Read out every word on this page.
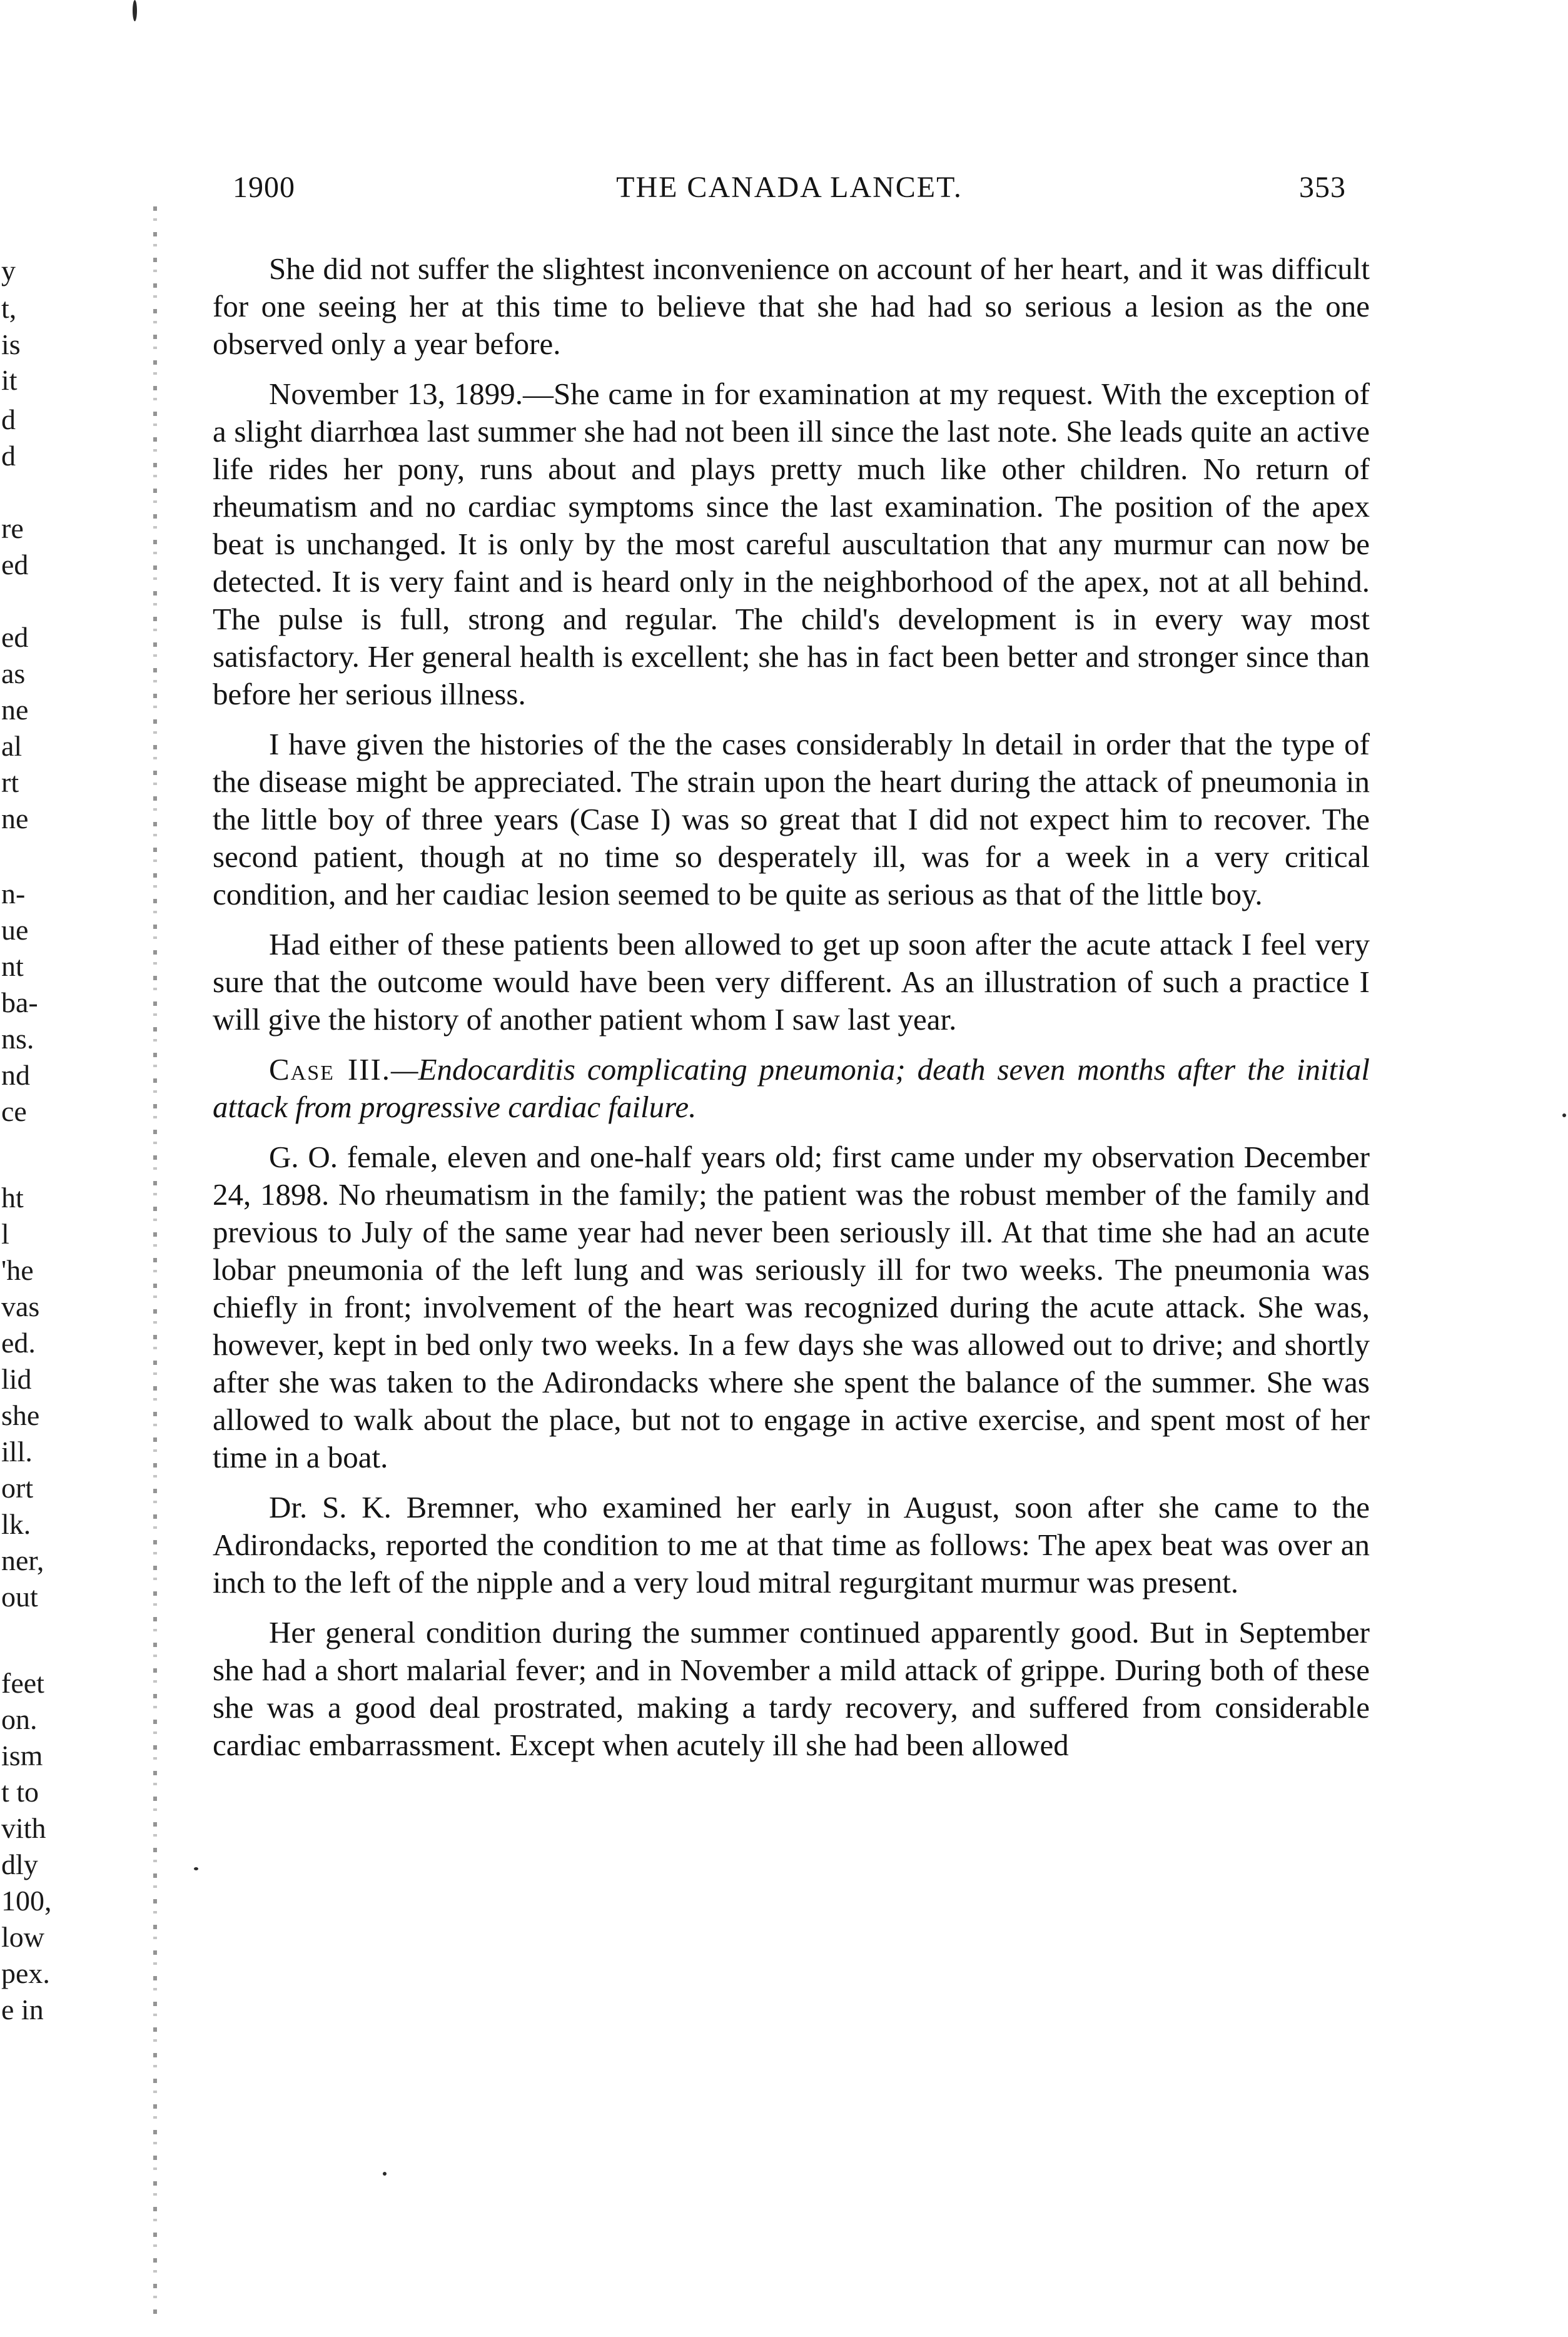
y
t,
is
it
d
d
re
ed
ed
as
ne
al
rt
ne
n-
ue
nt
ba-
ns.
nd
ce
ht
l
'he
vas
ed.
lid
she
ill.
ort
lk.
ner,
out
feet
on.
ism
t to
vith
dly
100,
low
pex.
e in
1900	THE CANADA LANCET.	353

She did not suffer the slightest inconvenience on account of her heart, and it was difficult for one seeing her at this time to believe that she had had so serious a lesion as the one observed only a year before.

November 13, 1899.—She came in for examination at my request. With the exception of a slight diarrhœa last summer she had not been ill since the last note. She leads quite an active life rides her pony, runs about and plays pretty much like other children. No return of rheumatism and no cardiac symptoms since the last examination. The position of the apex beat is unchanged. It is only by the most careful auscultation that any murmur can now be detected. It is very faint and is heard only in the neighborhood of the apex, not at all behind. The pulse is full, strong and regular. The child's development is in every way most satisfactory. Her general health is excellent; she has in fact been better and stronger since than before her serious illness.

I have given the histories of the the cases considerably ln detail in order that the type of the disease might be appreciated. The strain upon the heart during the attack of pneumonia in the little boy of three years (Case I) was so great that I did not expect him to recover. The second patient, though at no time so desperately ill, was for a week in a very critical condition, and her caıdiac lesion seemed to be quite as serious as that of the little boy.

Had either of these patients been allowed to get up soon after the acute attack I feel very sure that the outcome would have been very different. As an illustration of such a practice I will give the history of another patient whom I saw last year.

Case III.—Endocarditis complicating pneumonia; death seven months after the initial attack from progressive cardiac failure.

G. O. female, eleven and one-half years old; first came under my observation December 24, 1898. No rheumatism in the family; the patient was the robust member of the family and previous to July of the same year had never been seriously ill. At that time she had an acute lobar pneumonia of the left lung and was seriously ill for two weeks. The pneumonia was chiefly in front; involvement of the heart was recognized during the acute attack. She was, however, kept in bed only two weeks. In a few days she was allowed out to drive; and shortly after she was taken to the Adirondacks where she spent the balance of the summer. She was allowed to walk about the place, but not to engage in active exercise, and spent most of her time in a boat.

Dr. S. K. Bremner, who examined her early in August, soon after she came to the Adirondacks, reported the condition to me at that time as follows: The apex beat was over an inch to the left of the nipple and a very loud mitral regurgitant murmur was present.

Her general condition during the summer continued apparently good. But in September she had a short malarial fever; and in November a mild attack of grippe. During both of these she was a good deal prostrated, making a tardy recovery, and suffered from considerable cardiac embarrassment. Except when acutely ill she had been allowed
